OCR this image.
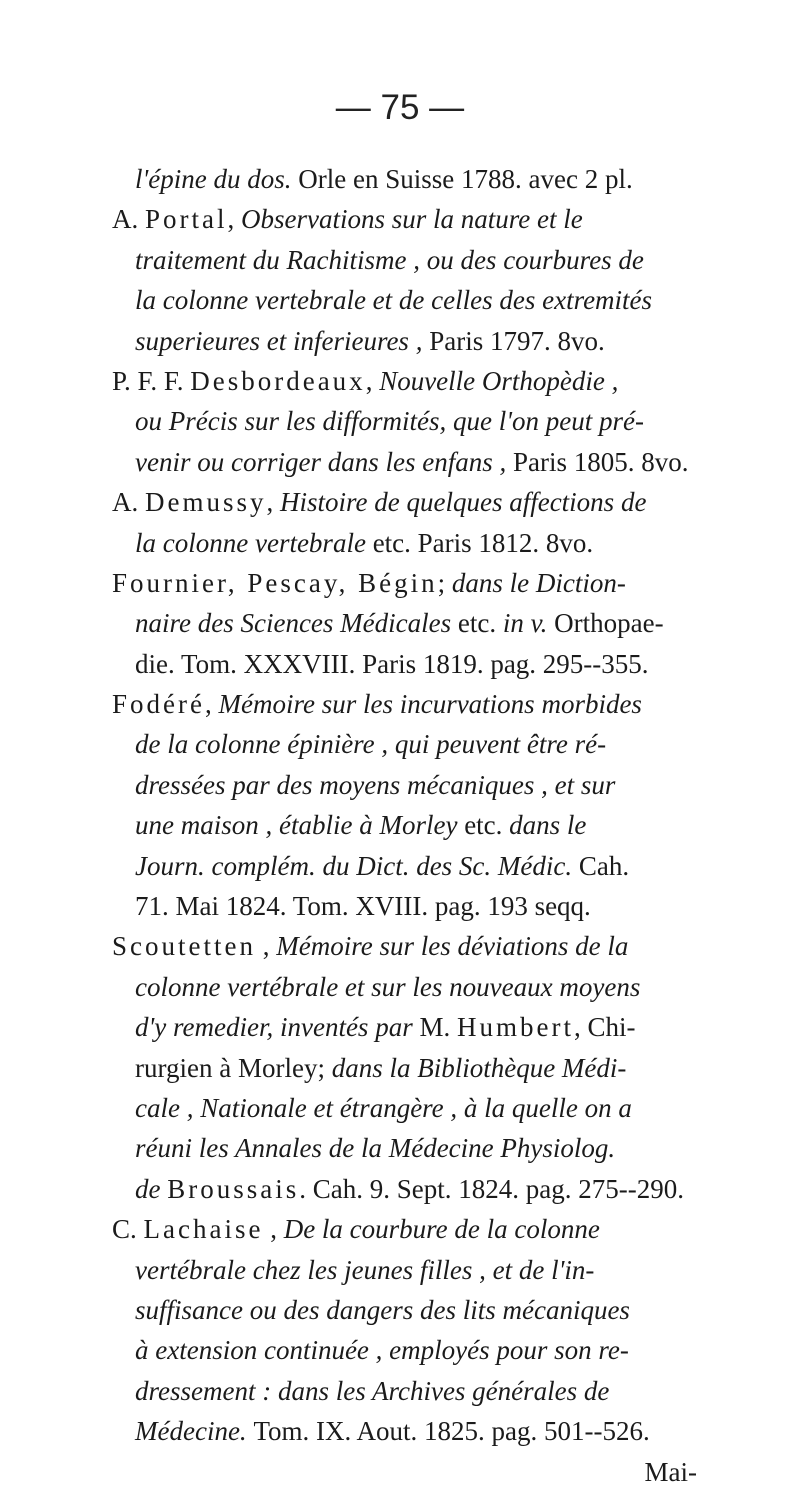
— 75 —
l'épine du dos. Orle en Suisse 1788. avec 2 pl.
A. Portal, Observations sur la nature et le
traitement du Rachitisme , ou des courbures de
la colonne vertebrale et de celles des extremités
superieures et inferieures , Paris 1797. 8vo.
P. F. F. Desbordeaux, Nouvelle Orthopèdie ,
ou Précis sur les difformités, que l'on peut pré-
venir ou corriger dans les enfans , Paris 1805. 8vo.
A. Demussy, Histoire de quelques affections de
la colonne vertebrale etc. Paris 1812. 8vo.
Fournier, Pescay, Bégin; dans le Diction-
naire des Sciences Médicales etc. in v. Orthopae-
die. Tom. XXXVIII. Paris 1819. pag. 295--355.
Fodéré, Mémoire sur les incurvations morbides
de la colonne épinière , qui peuvent être ré-
dressées par des moyens mécaniques , et sur
une maison , établie à Morley etc. dans le
Journ. complém. du Dict. des Sc. Médic. Cah.
71. Mai 1824. Tom. XVIII. pag. 193 seqq.
Scoutetten , Mémoire sur les déviations de la
colonne vertébrale et sur les nouveaux moyens
d'y remedier, inventés par M. Humbert, Chi-
rurgien à Morley; dans la Bibliothèque Médi-
cale , Nationale et étrangère , à la quelle on a
réuni les Annales de la Médecine Physiolog.
de Broussais. Cah. 9. Sept. 1824. pag. 275--290.
C. Lachaise , De la courbure de la colonne
vertébrale chez les jeunes filles , et de l'in-
suffisance ou des dangers des lits mécaniques
à extension continuée , employés pour son re-
dressement : dans les Archives générales de
Médecine. Tom. IX. Aout. 1825. pag. 501--526.
Mai-
